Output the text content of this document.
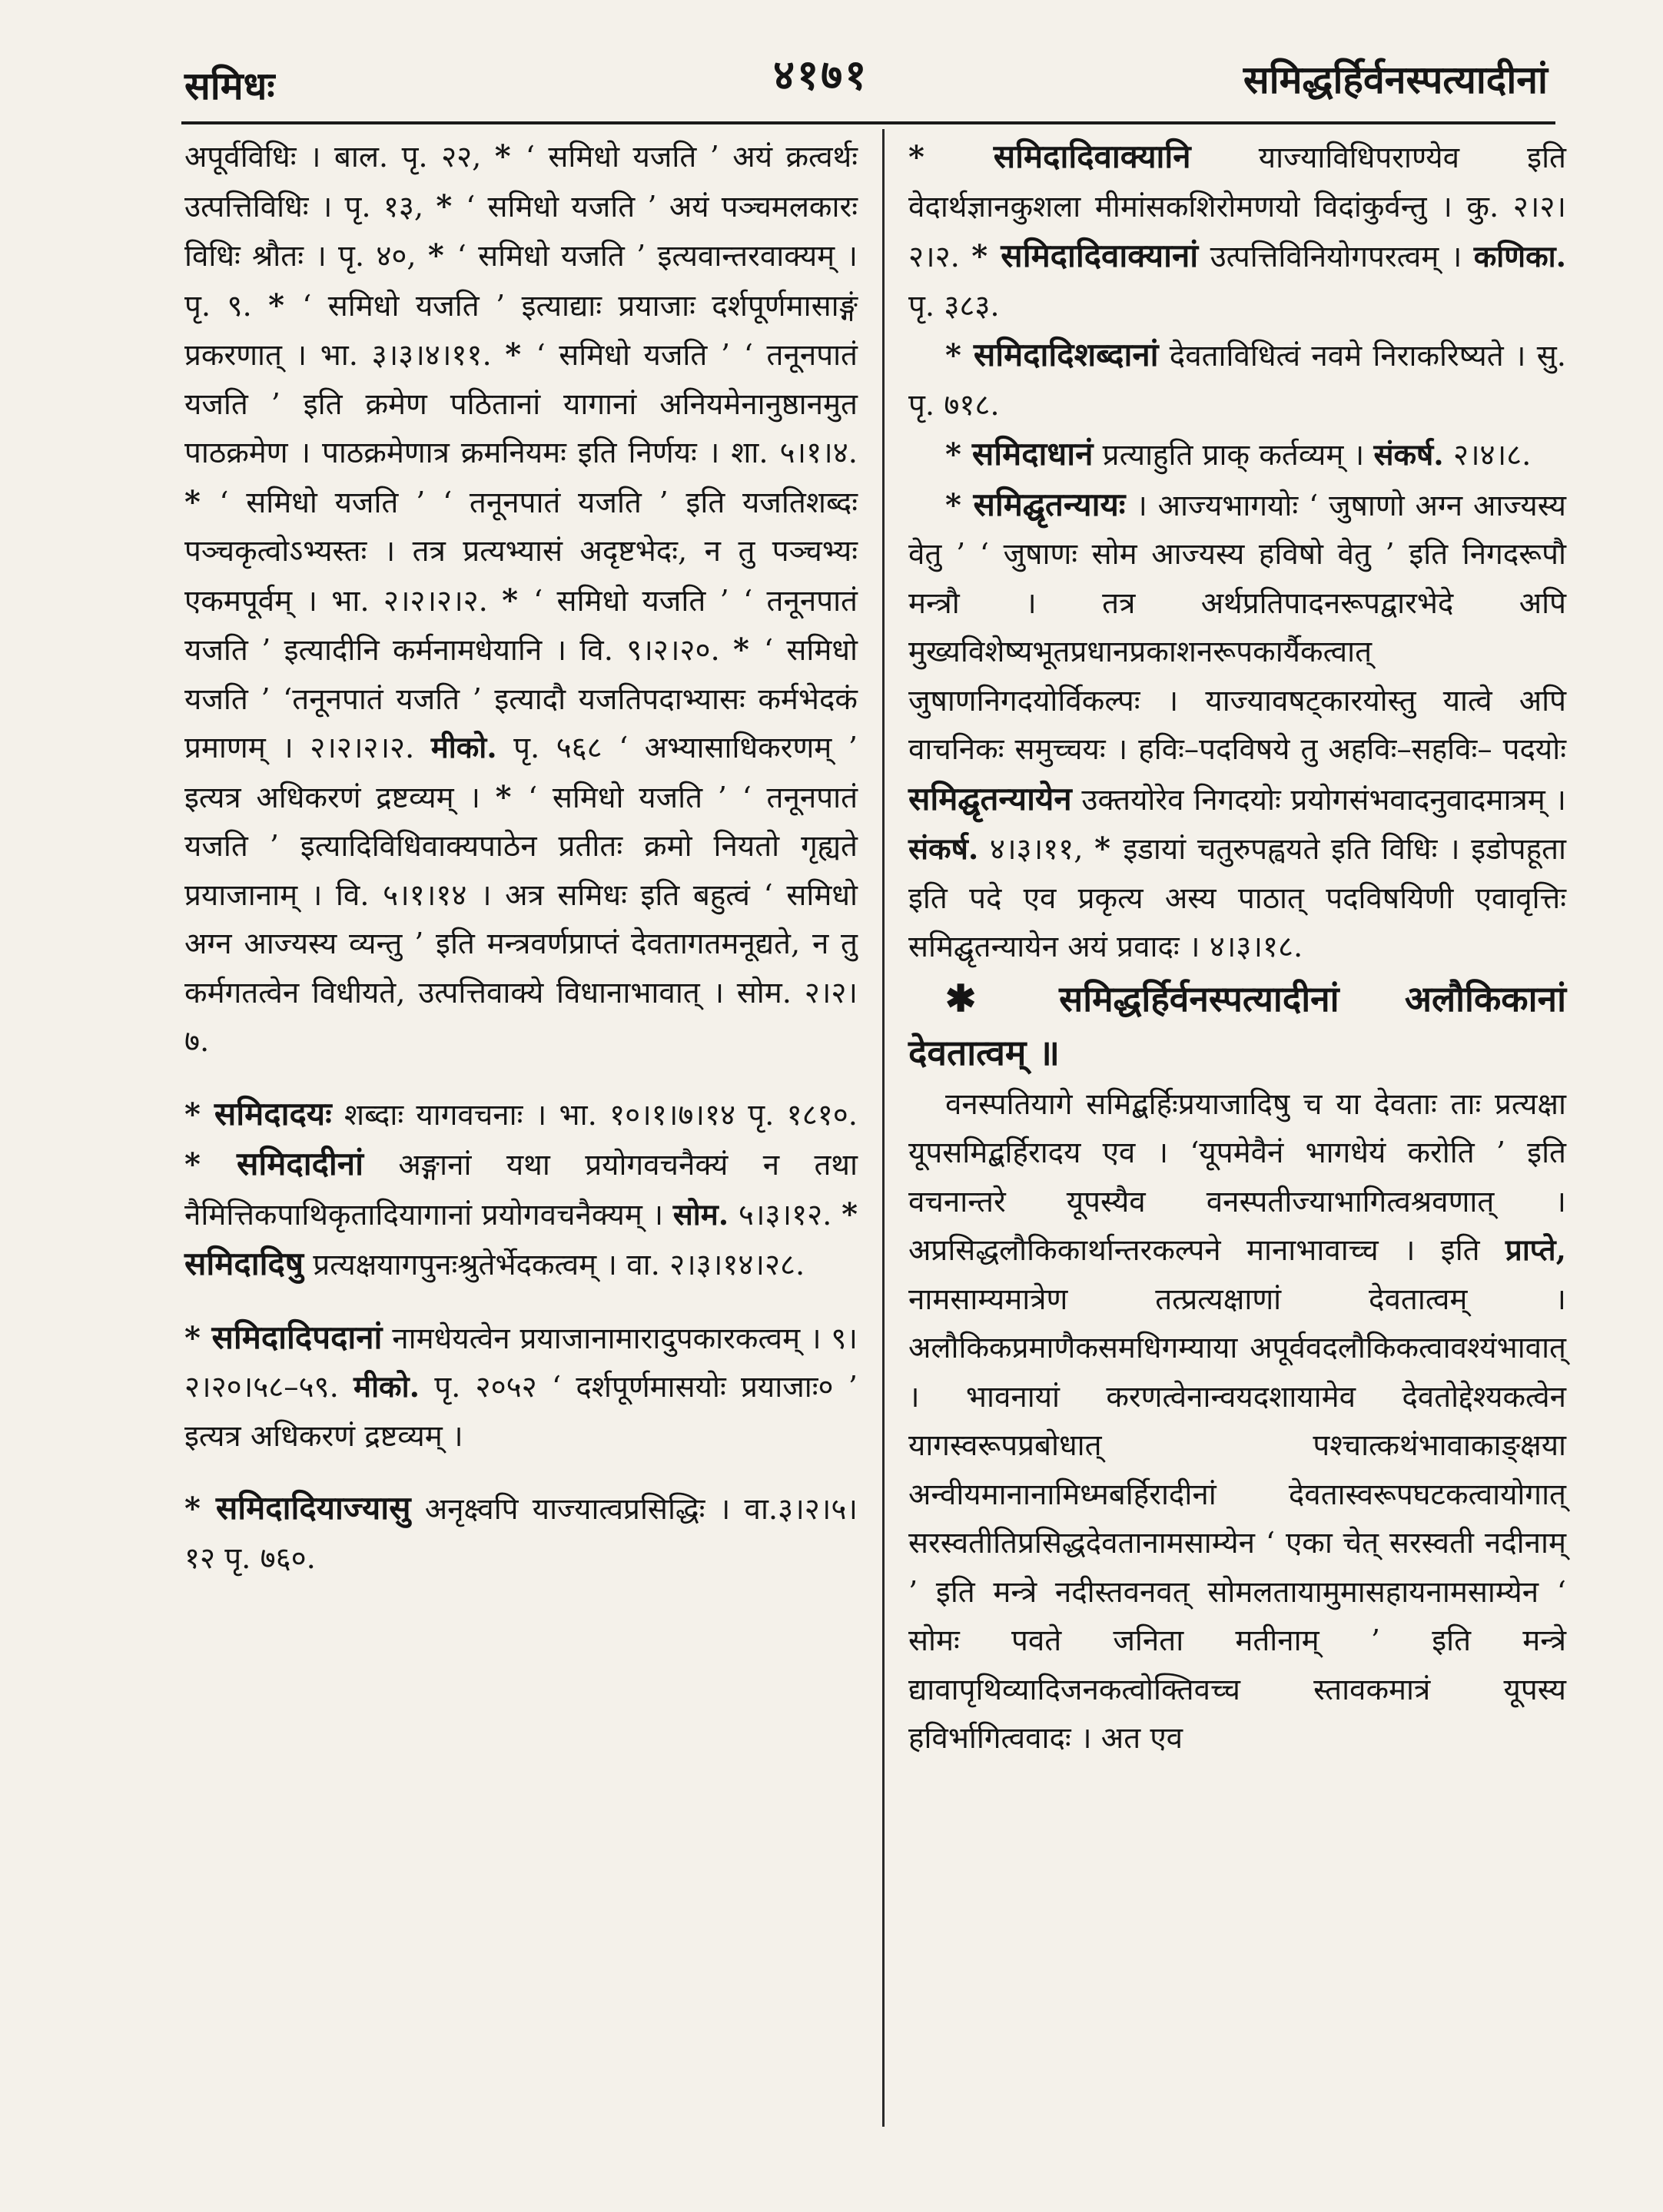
समिधः	४१७१	समिद्धर्हिर्वनस्पत्यादीनां

अपूर्वविधिः । बाल. पृ. २२, * ‘ समिधो यजति ’ अयं क्रत्वर्थः उत्पत्तिविधिः । पृ. १३, * ‘ समिधो यजति ’ अयं पञ्चमलकारः विधिः श्रौतः । पृ. ४०, * ‘ समिधो यजति ’ इत्यवान्तरवाक्यम् । पृ. ९. * ‘ समिधो यजति ’ इत्याद्याः प्रयाजाः दर्शपूर्णमासाङ्गं प्रकरणात् । भा. ३।३।४।११. * ‘ समिधो यजति ’ ‘ तनूनपातं यजति ’ इति क्रमेण पठितानां यागानां अनियमेनानुष्ठानमुत पाठक्रमेण । पाठक्रमेणात्र क्रमनियमः इति निर्णयः । शा. ५।१।४. * ‘ समिधो यजति ’ ‘ तनूनपातं यजति ’ इति यजतिशब्दः पञ्चकृत्वोऽभ्यस्तः । तत्र प्रत्यभ्यासं अदृष्टभेदः, न तु पञ्चभ्यः एकमपूर्वम् । भा. २।२।२।२. * ‘ समिधो यजति ’ ‘ तनूनपातं यजति ’ इत्यादीनि कर्मनामधेयानि । वि. ९।२।२०. * ‘ समिधो यजति ’ ‘तनूनपातं यजति ’ इत्यादौ यजतिपदाभ्यासः कर्मभेदकं प्रमाणम् । २।२।२।२. मीको. पृ. ५६८ ‘ अभ्यासाधिकरणम् ’ इत्यत्र अधिकरणं द्रष्टव्यम् । * ‘ समिधो यजति ’ ‘ तनूनपातं यजति ’ इत्यादिविधिवाक्यपाठेन प्रतीतः क्रमो नियतो गृह्यते प्रयाजानाम् । वि. ५।१।१४ । अत्र समिधः इति बहुत्वं ‘ समिधो अग्न आज्यस्य व्यन्तु ’ इति मन्त्रवर्णप्राप्तं देवतागतमनूद्यते, न तु कर्मगतत्वेन विधीयते, उत्पत्तिवाक्ये विधानाभावात् । सोम. २।२।७.

* समिदादयः शब्दाः यागवचनाः । भा. १०।१।७।१४ पृ. १८१०. * समिदादीनां अङ्गानां यथा प्रयोगवचनैक्यं न तथा नैमित्तिकपाथिकृतादियागानां प्रयोगवचनैक्यम् । सोम. ५।३।१२. * समिदादिषु प्रत्यक्षयागपुनःश्रुतेर्भेदकत्वम् । वा. २।३।१४।२८.

* समिदादिपदानां नामधेयत्वेन प्रयाजानामारादुपकारकत्वम् । ९।२।२०।५८–५९. मीको. पृ. २०५२ ‘ दर्शपूर्णमासयोः प्रयाजाः० ’ इत्यत्र अधिकरणं द्रष्टव्यम् ।

* समिदादियाज्यासु अनृक्ष्वपि याज्यात्वप्रसिद्धिः । वा.३।२।५।१२ पृ. ७६०.

* समिदादिवाक्यानि याज्याविधिपराण्येव इति वेदार्थज्ञानकुशला मीमांसकशिरोमणयो विदांकुर्वन्तु । कु. २।२।२।२. * समिदादिवाक्यानां उत्पत्तिविनियोगपरत्वम् । कणिका. पृ. ३८३.

* समिदादिशब्दानां देवताविधित्वं नवमे निराकरिष्यते । सु. पृ. ७१८.

* समिदाधानं प्रत्याहुति प्राक् कर्तव्यम् । संकर्ष. २।४।८.

* समिद्घृतन्यायः । आज्यभागयोः ‘ जुषाणो अग्न आज्यस्य वेतु ’ ‘ जुषाणः सोम आज्यस्य हविषो वेतु ’ इति निगदरूपौ मन्त्रौ । तत्र अर्थप्रतिपादनरूपद्वारभेदे अपि मुख्यविशेष्यभूतप्रधानप्रकाशनरूपकार्यैकत्वात् जुषाणनिगदयोर्विकल्पः । याज्यावषट्कारयोस्तु यात्वे अपि वाचनिकः समुच्चयः । हविः–पदविषये तु अहविः–सहविः– पदयोः समिद्घृतन्यायेन उक्तयोरेव निगदयोः प्रयोगसंभवादनुवादमात्रम् । संकर्ष. ४।३।११, * इडायां चतुरुपह्वयते इति विधिः । इडोपहूता इति पदे एव प्रकृत्य अस्य पाठात् पदविषयिणी एवावृत्तिः समिद्घृतन्यायेन अयं प्रवादः । ४।३।१८.

✱ समिद्धर्हिर्वनस्पत्यादीनां अलौकिकानां देवतात्वम् ॥

वनस्पतियागे समिद्बर्हिःप्रयाजादिषु च या देवताः ताः प्रत्यक्षा यूपसमिद्बर्हिरादय एव । ‘यूपमेवैनं भागधेयं करोति ’ इति वचनान्तरे यूपस्यैव वनस्पतीज्याभागित्वश्रवणात् । अप्रसिद्धलौकिकार्थान्तरकल्पने मानाभावाच्च । इति प्राप्ते, नामसाम्यमात्रेण तत्प्रत्यक्षाणां देवतात्वम् । अलौकिकप्रमाणैकसमधिगम्याया अपूर्ववदलौकिकत्वावश्यंभावात् । भावनायां करणत्वेनान्वयदशायामेव देवतोद्देश्यकत्वेन यागस्वरूपप्रबोधात् पश्चात्कथंभावाकाङ्क्षया अन्वीयमानानामिध्मबर्हिरादीनां देवतास्वरूपघटकत्वायोगात् सरस्वतीतिप्रसिद्धदेवतानामसाम्येन ‘ एका चेत् सरस्वती नदीनाम् ’ इति मन्त्रे नदीस्तवनवत् सोमलतायामुमासहायनामसाम्येन ‘ सोमः पवते जनिता मतीनाम् ’ इति मन्त्रे द्यावापृथिव्यादिजनकत्वोक्तिवच्च स्तावकमात्रं यूपस्य हविर्भागित्ववादः । अत एव
